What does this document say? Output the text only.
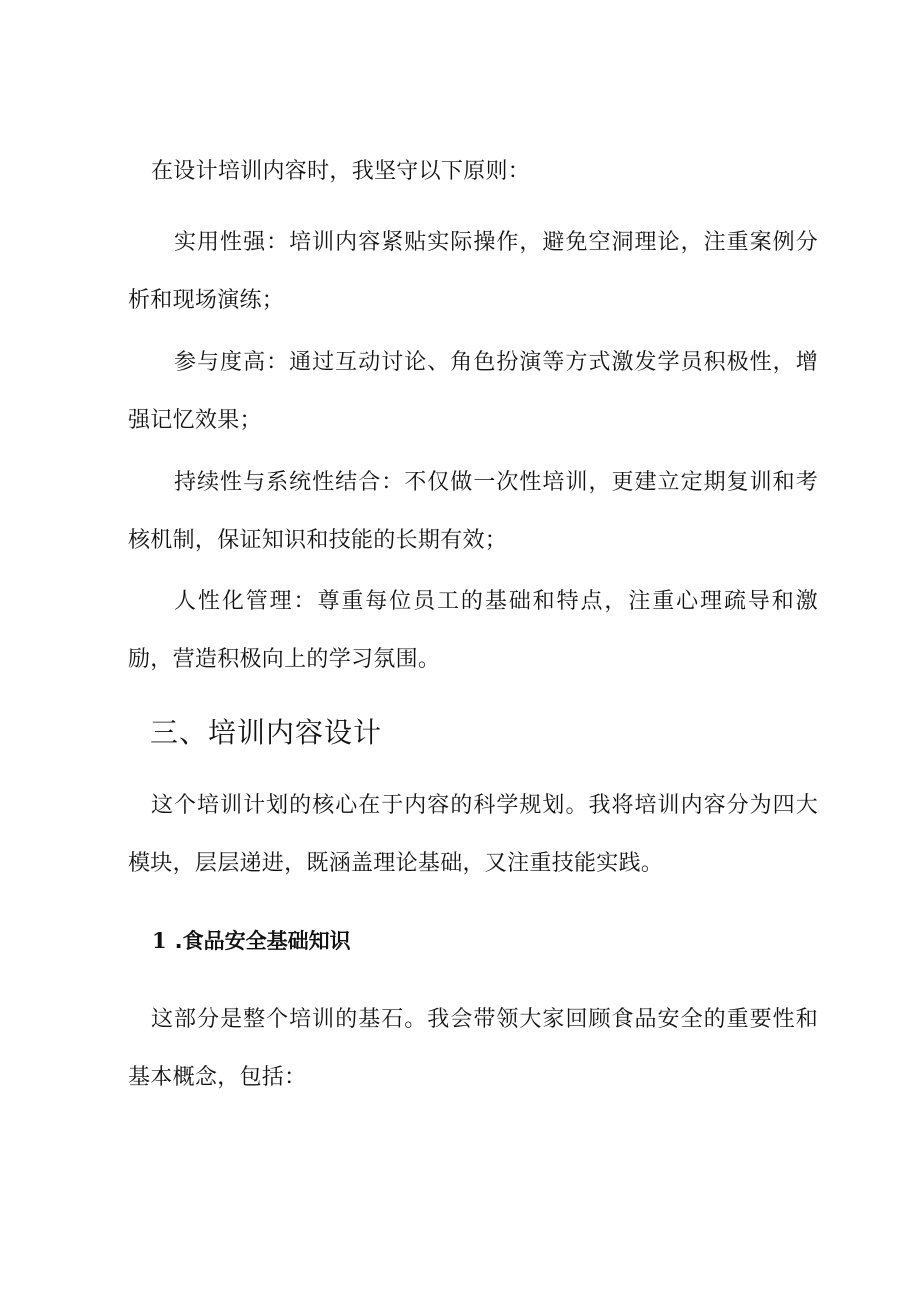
在设计培训内容时，我坚守以下原则：

实用性强：培训内容紧贴实际操作，避免空洞理论，注重案例分析和现场演练；

参与度高：通过互动讨论、角色扮演等方式激发学员积极性，增强记忆效果；

持续性与系统性结合：不仅做一次性培训，更建立定期复训和考核机制，保证知识和技能的长期有效；

人性化管理：尊重每位员工的基础和特点，注重心理疏导和激励，营造积极向上的学习氛围。

三、培训内容设计

这个培训计划的核心在于内容的科学规划。我将培训内容分为四大模块，层层递进，既涵盖理论基础，又注重技能实践。

1 .食品安全基础知识

这部分是整个培训的基石。我会带领大家回顾食品安全的重要性和基本概念，包括：
